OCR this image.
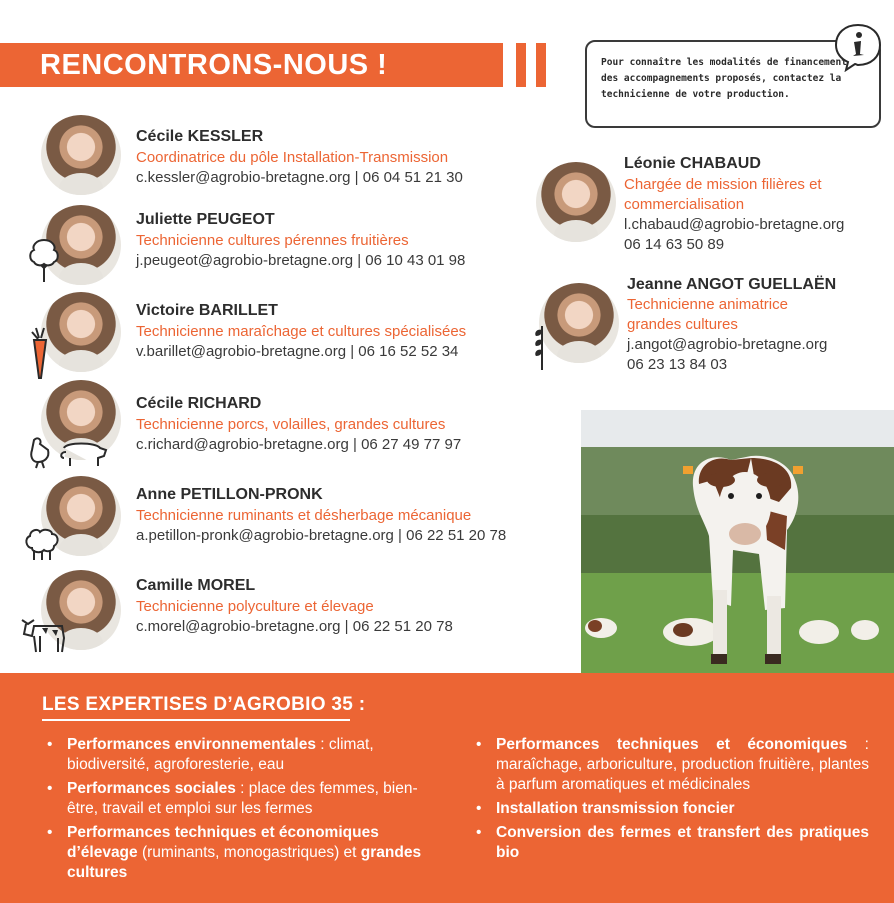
RENCONTRONS-NOUS !	Pour connaître les modalités de financement des accompagnements proposés, contactez la technicienne de votre production.

Cécile KESSLER
Coordinatrice du pôle Installation-Transmission
c.kessler@agrobio-bretagne.org | 06 04 51 21 30
Juliette PEUGEOT
Technicienne cultures pérennes fruitières
j.peugeot@agrobio-bretagne.org | 06 10 43 01 98
Victoire BARILLET
Technicienne maraîchage et cultures spécialisées
v.barillet@agrobio-bretagne.org | 06 16 52 52 34
Cécile RICHARD
Technicienne porcs, volailles, grandes cultures
c.richard@agrobio-bretagne.org | 06 27 49 77 97
Anne PETILLON-PRONK
Technicienne ruminants et désherbage mécanique
a.petillon-pronk@agrobio-bretagne.org | 06 22 51 20 78
Camille MOREL
Technicienne polyculture et élevage
c.morel@agrobio-bretagne.org | 06 22 51 20 78
Léonie CHABAUD
Chargée de mission filières et
commercialisation
l.chabaud@agrobio-bretagne.org
06 14 63 50 89
Jeanne ANGOT GUELLAËN
Technicienne animatrice
grandes cultures
j.angot@agrobio-bretagne.org
06 23 13 84 03
LES EXPERTISES D’AGROBIO 35 :
• Performances environnementales : climat, biodiversité, agroforesterie, eau
• Performances sociales : place des femmes, bien-être, travail et emploi sur les fermes
• Performances techniques et économiques d’élevage (ruminants, monogastriques) et grandes cultures
• Performances techniques et économiques : maraîchage, arboriculture, production fruitière, plantes à parfum aromatiques et médicinales
• Installation transmission foncier
• Conversion des fermes et transfert des pratiques bio
